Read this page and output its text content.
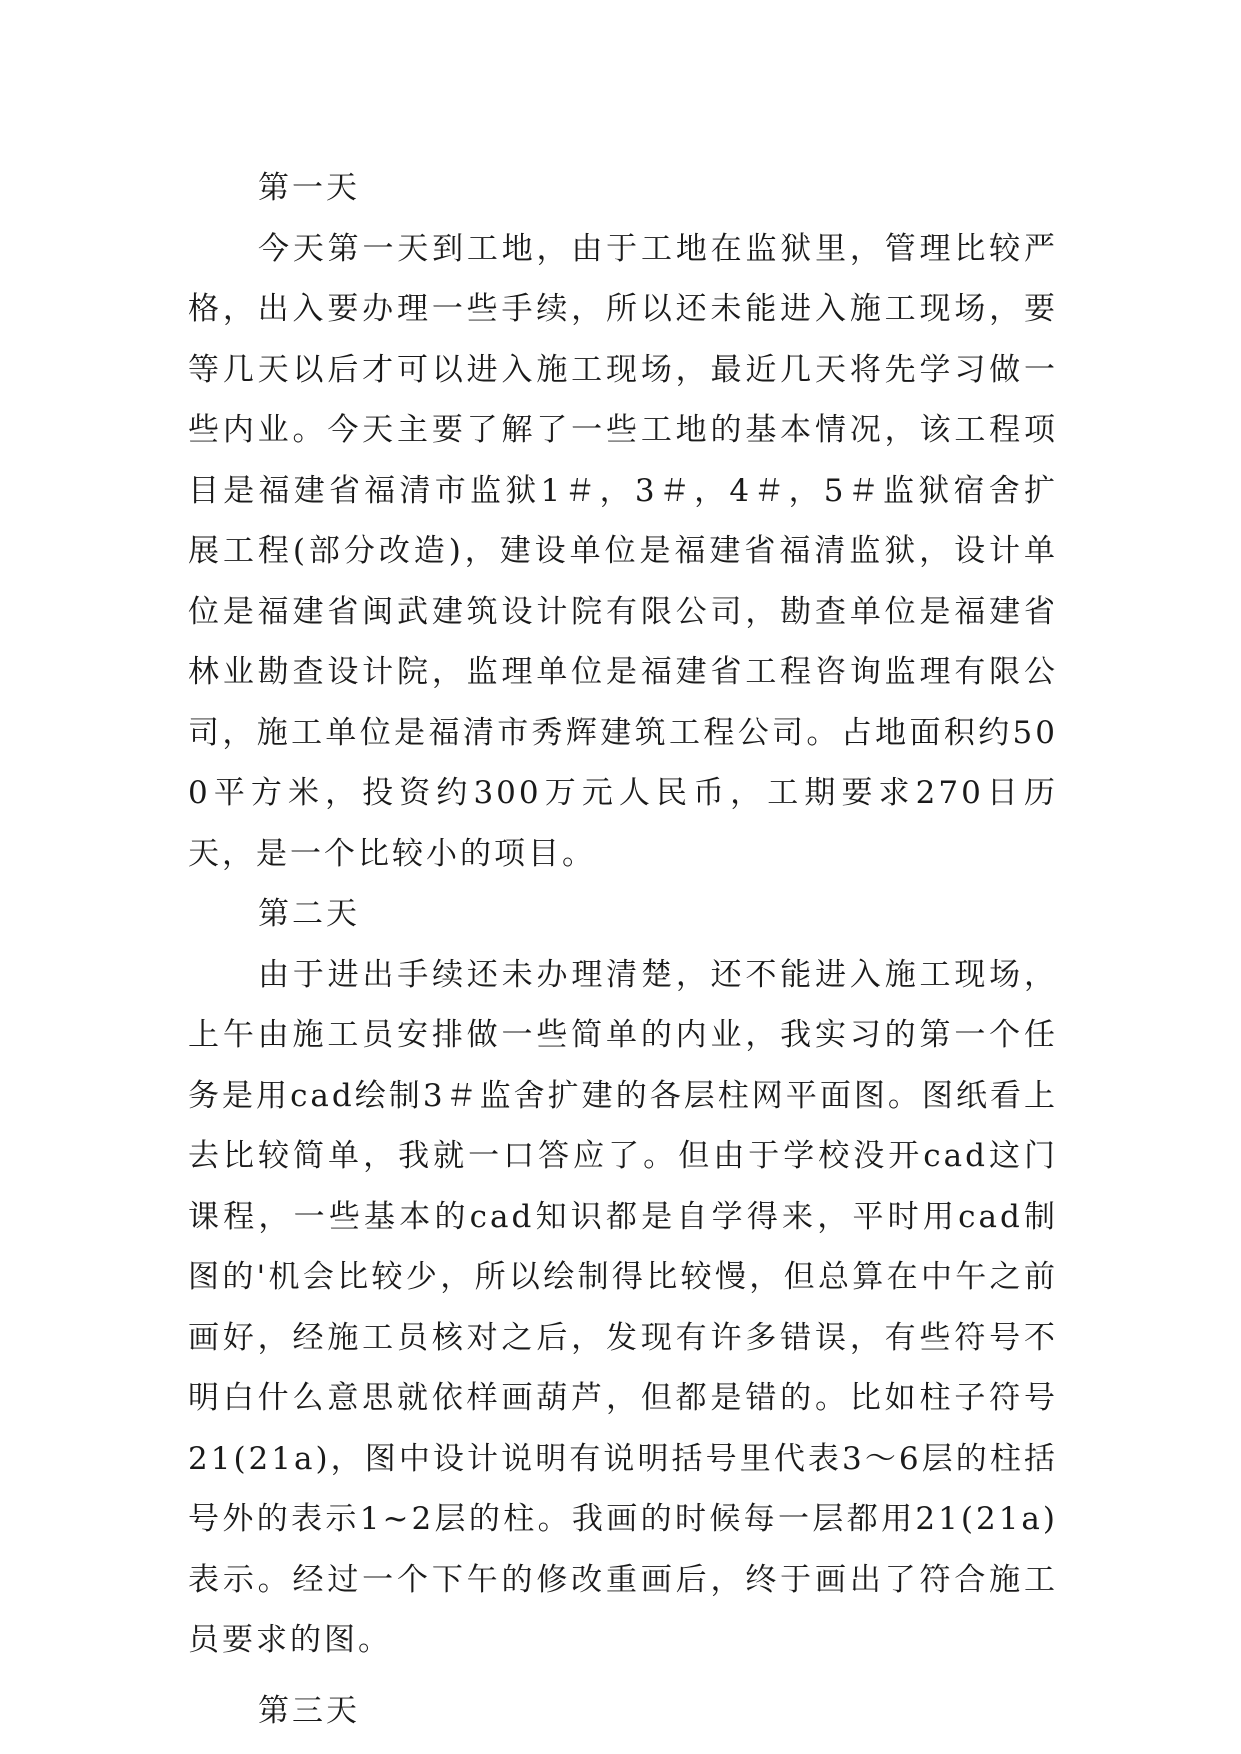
第一天

今天第一天到工地，由于工地在监狱里，管理比较严格，出入要办理一些手续，所以还未能进入施工现场，要等几天以后才可以进入施工现场，最近几天将先学习做一些内业。今天主要了解了一些工地的基本情况，该工程项目是福建省福清市监狱1＃，3＃，4＃，5＃监狱宿舍扩展工程(部分改造)，建设单位是福建省福清监狱，设计单位是福建省闽武建筑设计院有限公司，勘查单位是福建省林业勘查设计院，监理单位是福建省工程咨询监理有限公司，施工单位是福清市秀辉建筑工程公司。占地面积约500平方米，投资约300万元人民币，工期要求270日历天，是一个比较小的项目。

第二天

由于进出手续还未办理清楚，还不能进入施工现场，上午由施工员安排做一些简单的内业，我实习的第一个任务是用cad绘制3＃监舍扩建的各层柱网平面图。图纸看上去比较简单，我就一口答应了。但由于学校没开cad这门课程，一些基本的cad知识都是自学得来，平时用cad制图的'机会比较少，所以绘制得比较慢，但总算在中午之前画好，经施工员核对之后，发现有许多错误，有些符号不明白什么意思就依样画葫芦，但都是错的。比如柱子符号21(21a)，图中设计说明有说明括号里代表3～6层的柱括号外的表示1~2层的柱。我画的时候每一层都用21(21a)表示。经过一个下午的修改重画后，终于画出了符合施工员要求的图。

第三天
